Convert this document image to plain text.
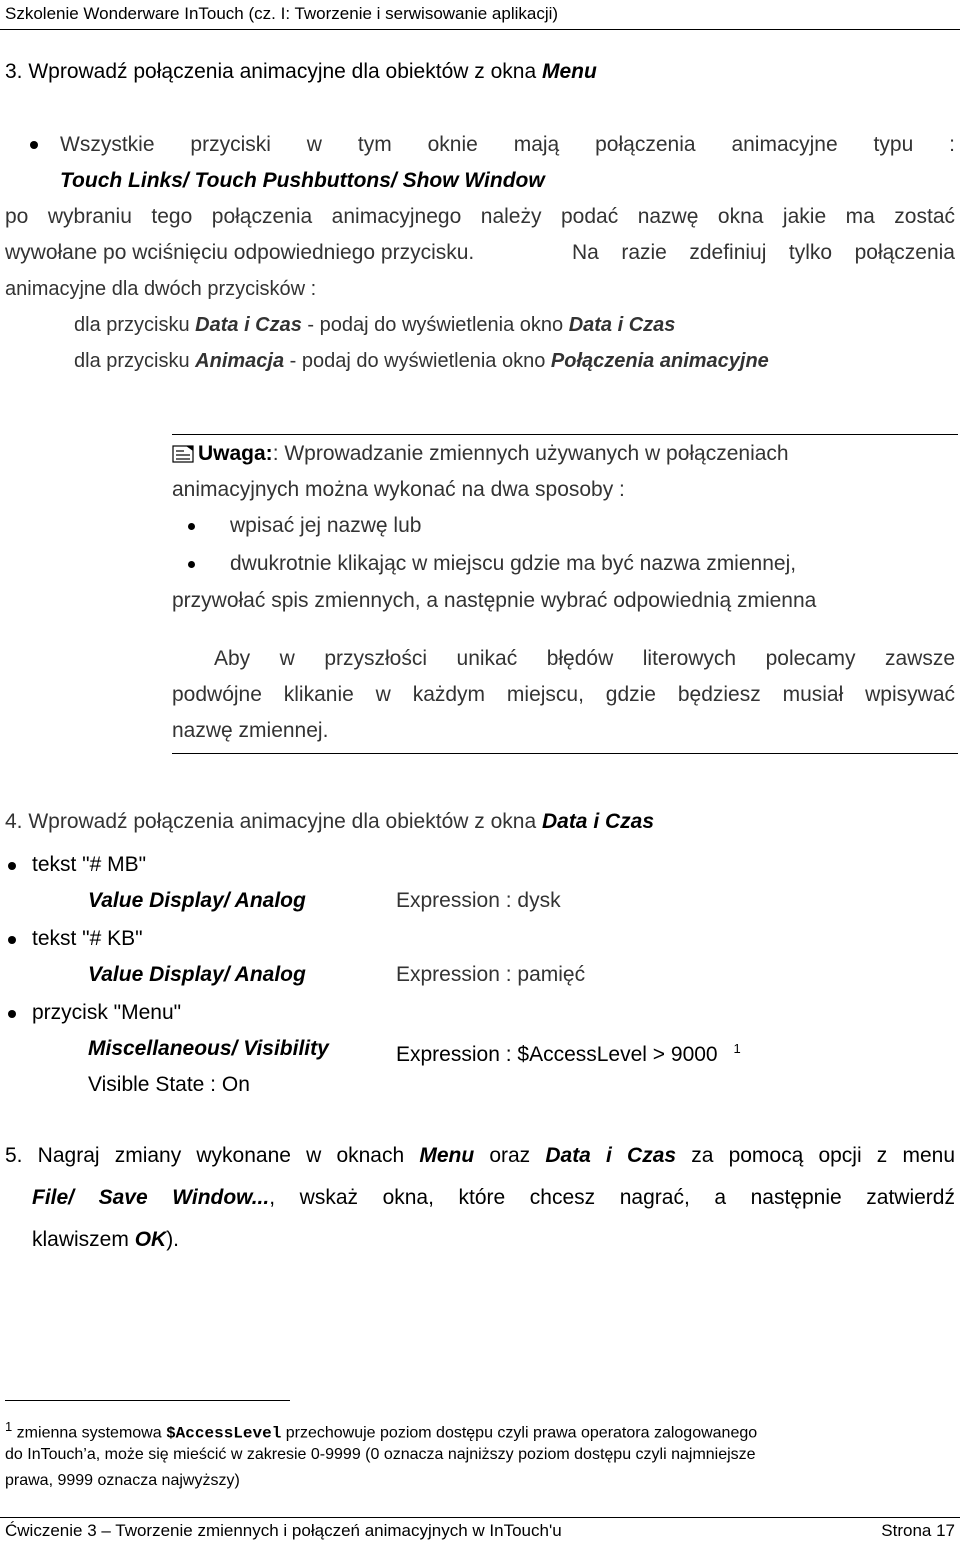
Szkolenie Wonderware InTouch (cz. I: Tworzenie i serwisowanie aplikacji)
3. Wprowadź połączenia animacyjne dla obiektów z okna Menu
Wszystkie przyciski w tym oknie mają połączenia animacyjne typu :
Touch Links/ Touch Pushbuttons/ Show Window
po wybraniu tego połączenia animacyjnego należy podać nazwę okna jakie ma zostać
wywołane po wciśnięciu odpowiedniego przycisku.	Na razie zdefiniuj tylko połączenia
animacyjne dla dwóch przycisków :
dla przycisku Data i Czas - podaj do wyświetlenia okno Data i Czas
dla przycisku Animacja - podaj do wyświetlenia okno Połączenia animacyjne
Uwaga:: Wprowadzanie zmiennych używanych w połączeniach
animacyjnych można wykonać na dwa sposoby :
wpisać jej nazwę lub
dwukrotnie klikając w miejscu gdzie ma być nazwa zmiennej,
przywołać spis zmiennych, a następnie wybrać odpowiednią zmienna
Aby w przyszłości unikać błędów literowych polecamy zawsze
podwójne klikanie w każdym miejscu, gdzie będziesz musiał wpisywać
nazwę zmiennej.
4. Wprowadź połączenia animacyjne dla obiektów z okna Data i Czas
tekst "# MB"
Value Display/ Analog	Expression : dysk
tekst "# KB"
Value Display/ Analog	Expression : pamięć
przycisk "Menu"
Miscellaneous/ Visibility	Expression : $AccessLevel > 9000 $^1$
Visible State : On
5. Nagraj zmiany wykonane w oknach Menu oraz Data i Czas za pomocą opcji z menu
File/ Save Window..., wskaż okna, które chcesz nagrać, a następnie zatwierdź
klawiszem OK).
$^1$ zmienna systemowa $AccessLevel przechowuje poziom dostępu czyli prawa operatora zalogowanego
do InTouch’a, może się mieścić w zakresie 0-9999 (0 oznacza najniższy poziom dostępu czyli najmniejsze
prawa, 9999 oznacza najwyższy)
Ćwiczenie 3 – Tworzenie zmiennych i połączeń animacyjnych w InTouch'u	Strona 17
